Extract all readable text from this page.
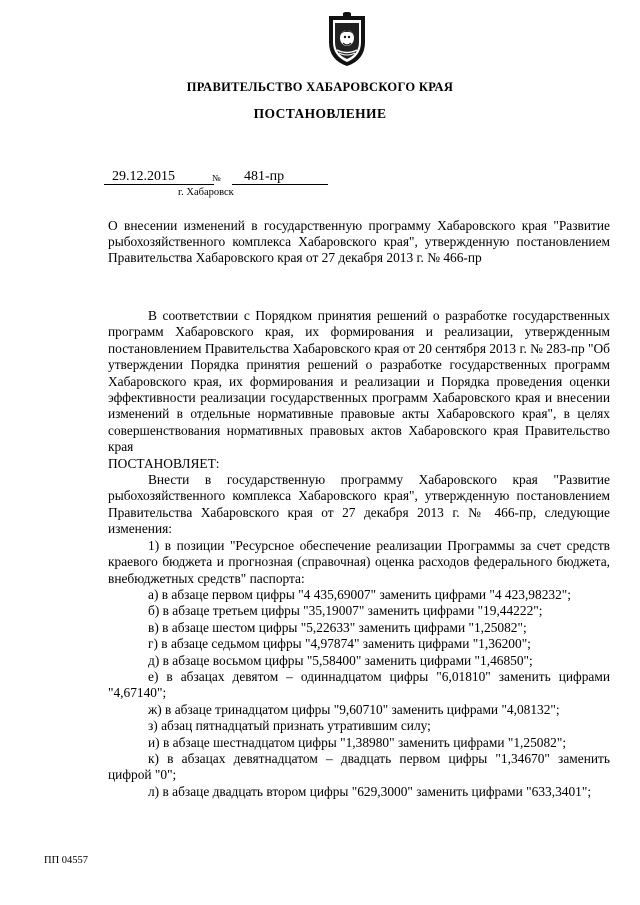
ПРАВИТЕЛЬСТВО ХАБАРОВСКОГО КРАЯ
ПОСТАНОВЛЕНИЕ
29.12.2015	№	481-пр
г. Хабаровск
О внесении изменений в государственную программу Хабаровского края "Развитие рыбохозяйственного комплекса Хабаровского края", утвержденную постановлением Правительства Хабаровского края от 27 декабря 2013 г. № 466-пр

В соответствии с Порядком принятия решений о разработке государственных программ Хабаровского края, их формирования и реализации, утвержденным постановлением Правительства Хабаровского края от 20 сентября 2013 г. № 283-пр "Об утверждении Порядка принятия решений о разработке государственных программ Хабаровского края, их формирования и реализации и Порядка проведения оценки эффективности реализации государственных программ Хабаровского края и внесении изменений в отдельные нормативные правовые акты Хабаровского края", в целях совершенствования нормативных правовых актов Хабаровского края Правительство края

ПОСТАНОВЛЯЕТ:

Внести в государственную программу Хабаровского края "Развитие рыбохозяйственного комплекса Хабаровского края", утвержденную постановлением Правительства Хабаровского края от 27 декабря 2013 г. № 466-пр, следующие изменения:

1) в позиции "Ресурсное обеспечение реализации Программы за счет средств краевого бюджета и прогнозная (справочная) оценка расходов федерального бюджета, внебюджетных средств" паспорта:

а) в абзаце первом цифры "4 435,69007" заменить цифрами "4 423,98232";

б) в абзаце третьем цифры "35,19007" заменить цифрами "19,44222";

в) в абзаце шестом цифры "5,22633" заменить цифрами "1,25082";

г) в абзаце седьмом цифры "4,97874" заменить цифрами "1,36200";

д) в абзаце восьмом цифры "5,58400" заменить цифрами "1,46850";

е) в абзацах девятом – одиннадцатом цифры "6,01810" заменить цифрами "4,67140";

ж) в абзаце тринадцатом цифры "9,60710" заменить цифрами "4,08132";

з) абзац пятнадцатый признать утратившим силу;

и) в абзаце шестнадцатом цифры "1,38980" заменить цифрами "1,25082";

к) в абзацах девятнадцатом – двадцать первом цифры "1,34670" заменить цифрой "0";

л) в абзаце двадцать втором цифры "629,3000" заменить цифрами "633,3401";

ПП 04557
